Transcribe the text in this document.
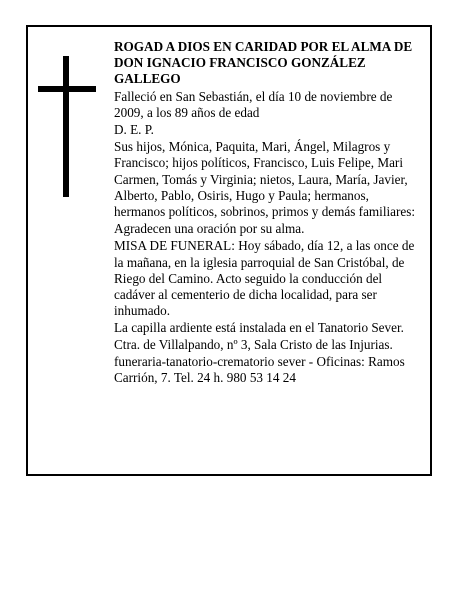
ROGAD A DIOS EN CARIDAD POR EL ALMA DE

DON IGNACIO FRANCISCO GONZÁLEZ GALLEGO

Falleció en San Sebastián, el día 10 de noviembre de 2009, a los 89 años de edad

D. E. P.

Sus hijos, Mónica, Paquita, Mari, Ángel, Milagros y Francisco; hijos políticos, Francisco, Luis Felipe, Mari Carmen, Tomás y Virginia; nietos, Laura, María, Javier, Alberto, Pablo, Osiris, Hugo y Paula; hermanos, hermanos políticos, sobrinos, primos y demás familiares:

Agradecen una oración por su alma.

MISA DE FUNERAL: Hoy sábado, día 12, a las once de la mañana, en la iglesia parroquial de San Cristóbal, de Riego del Camino. Acto seguido la conducción del cadáver al cementerio de dicha localidad, para ser inhumado.

La capilla ardiente está instalada en el Tanatorio Sever. Ctra. de Villalpando, nº 3, Sala Cristo de las Injurias.

funeraria-tanatorio-crematorio sever - Oficinas: Ramos Carrión, 7. Tel. 24 h. 980 53 14 24
